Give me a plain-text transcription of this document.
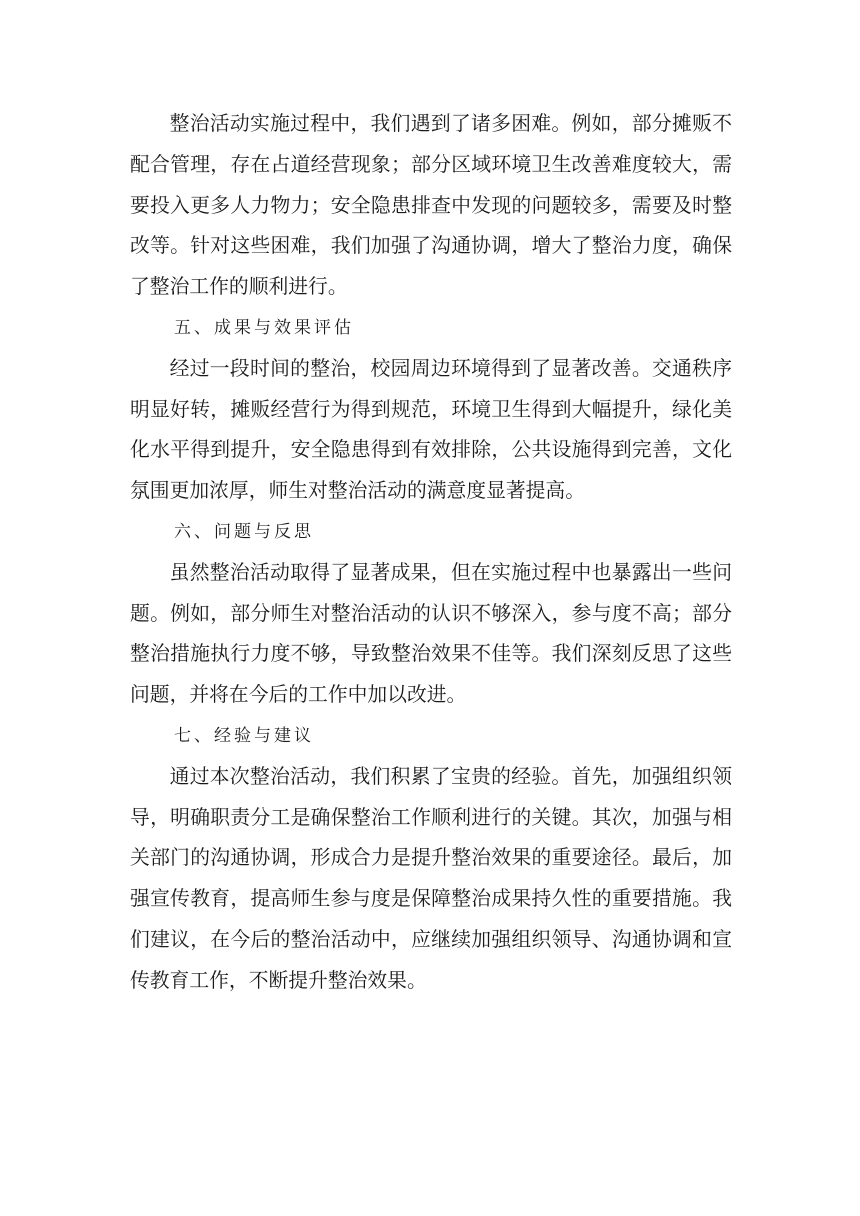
整治活动实施过程中，我们遇到了诸多困难。例如，部分摊贩不配合管理，存在占道经营现象；部分区域环境卫生改善难度较大，需要投入更多人力物力；安全隐患排查中发现的问题较多，需要及时整改等。针对这些困难，我们加强了沟通协调，增大了整治力度，确保了整治工作的顺利进行。

五、成果与效果评估

经过一段时间的整治，校园周边环境得到了显著改善。交通秩序明显好转，摊贩经营行为得到规范，环境卫生得到大幅提升，绿化美化水平得到提升，安全隐患得到有效排除，公共设施得到完善，文化氛围更加浓厚，师生对整治活动的满意度显著提高。

六、问题与反思

虽然整治活动取得了显著成果，但在实施过程中也暴露出一些问题。例如，部分师生对整治活动的认识不够深入，参与度不高；部分整治措施执行力度不够，导致整治效果不佳等。我们深刻反思了这些问题，并将在今后的工作中加以改进。

七、经验与建议

通过本次整治活动，我们积累了宝贵的经验。首先，加强组织领导，明确职责分工是确保整治工作顺利进行的关键。其次，加强与相关部门的沟通协调，形成合力是提升整治效果的重要途径。最后，加强宣传教育，提高师生参与度是保障整治成果持久性的重要措施。我们建议，在今后的整治活动中，应继续加强组织领导、沟通协调和宣传教育工作，不断提升整治效果。
